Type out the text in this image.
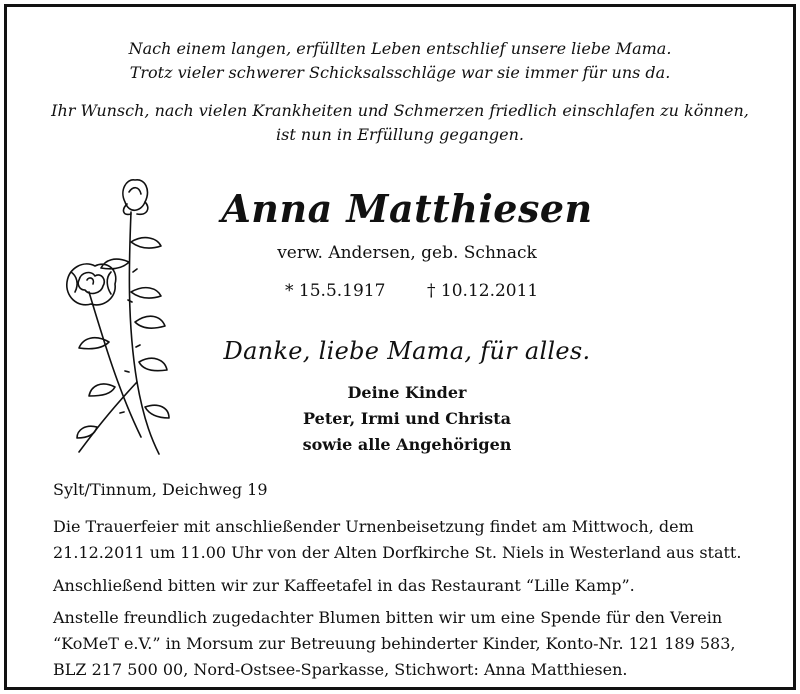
Nach einem langen, erfüllten Leben entschlief unsere liebe Mama.
Trotz vieler schwerer Schicksalsschläge war sie immer für uns da.
Ihr Wunsch, nach vielen Krankheiten und Schmerzen friedlich einschlafen zu können,
ist nun in Erfüllung gegangen.
Anna Matthiesen
verw. Andersen, geb. Schnack
* 15.5.1917 † 10.12.2011
Danke, liebe Mama, für alles.
Deine Kinder
Peter, Irmi und Christa
sowie alle Angehörigen
Sylt/Tinnum, Deichweg 19
Die Trauerfeier mit anschließender Urnenbeisetzung findet am Mittwoch, dem
21.12.2011 um 11.00 Uhr von der Alten Dorfkirche St. Niels in Westerland aus statt.
Anschließend bitten wir zur Kaffeetafel in das Restaurant “Lille Kamp”.
Anstelle freundlich zugedachter Blumen bitten wir um eine Spende für den Verein
“KoMeT e.V.” in Morsum zur Betreuung behinderter Kinder, Konto-Nr. 121 189 583,
BLZ 217 500 00, Nord-Ostsee-Sparkasse, Stichwort: Anna Matthiesen.
